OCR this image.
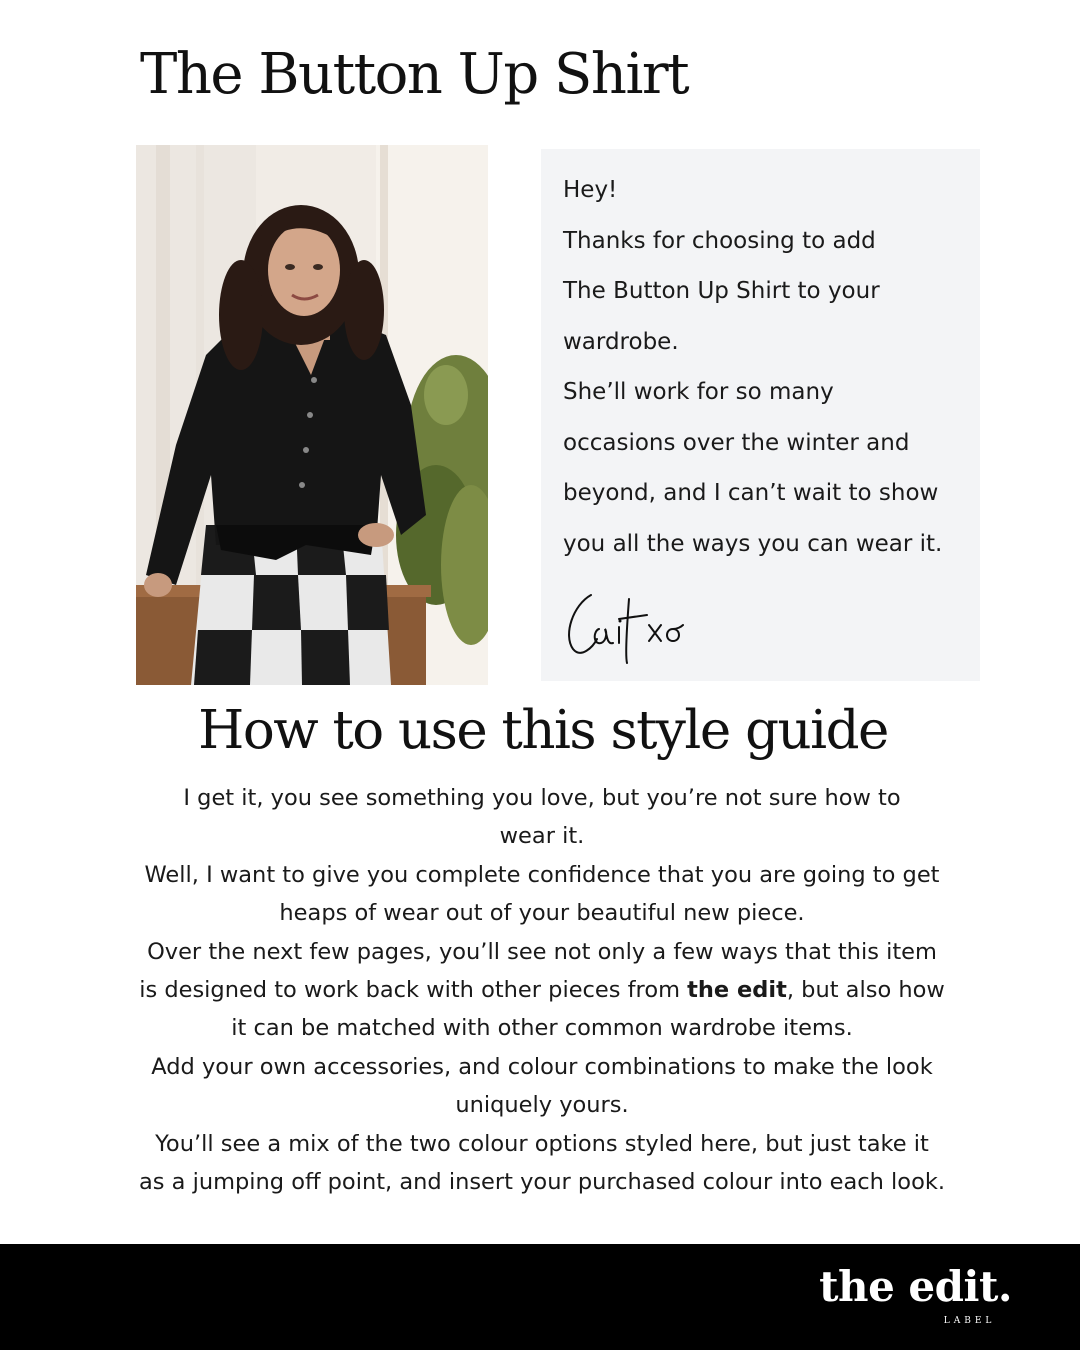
The Button Up Shirt

Hey!

Thanks for choosing to add

The Button Up Shirt to your

wardrobe.

She’ll work for so many

occasions over the winter and

beyond, and I can’t wait to show

you all the ways you can wear it.

How to use this style guide

I get it, you see something you love, but you’re not sure how to

wear it.

Well, I want to give you complete confidence that you are going to get

heaps of wear out of your beautiful new piece.

Over the next few pages, you’ll see not only a few ways that this item

is designed to work back with other pieces from the edit, but also how

it can be matched with other common wardrobe items.

Add your own accessories, and colour combinations to make the look

uniquely yours.

You’ll see a mix of the two colour options styled here, but just take it

as a jumping off point, and insert your purchased colour into each look.

the edit.
LABEL
